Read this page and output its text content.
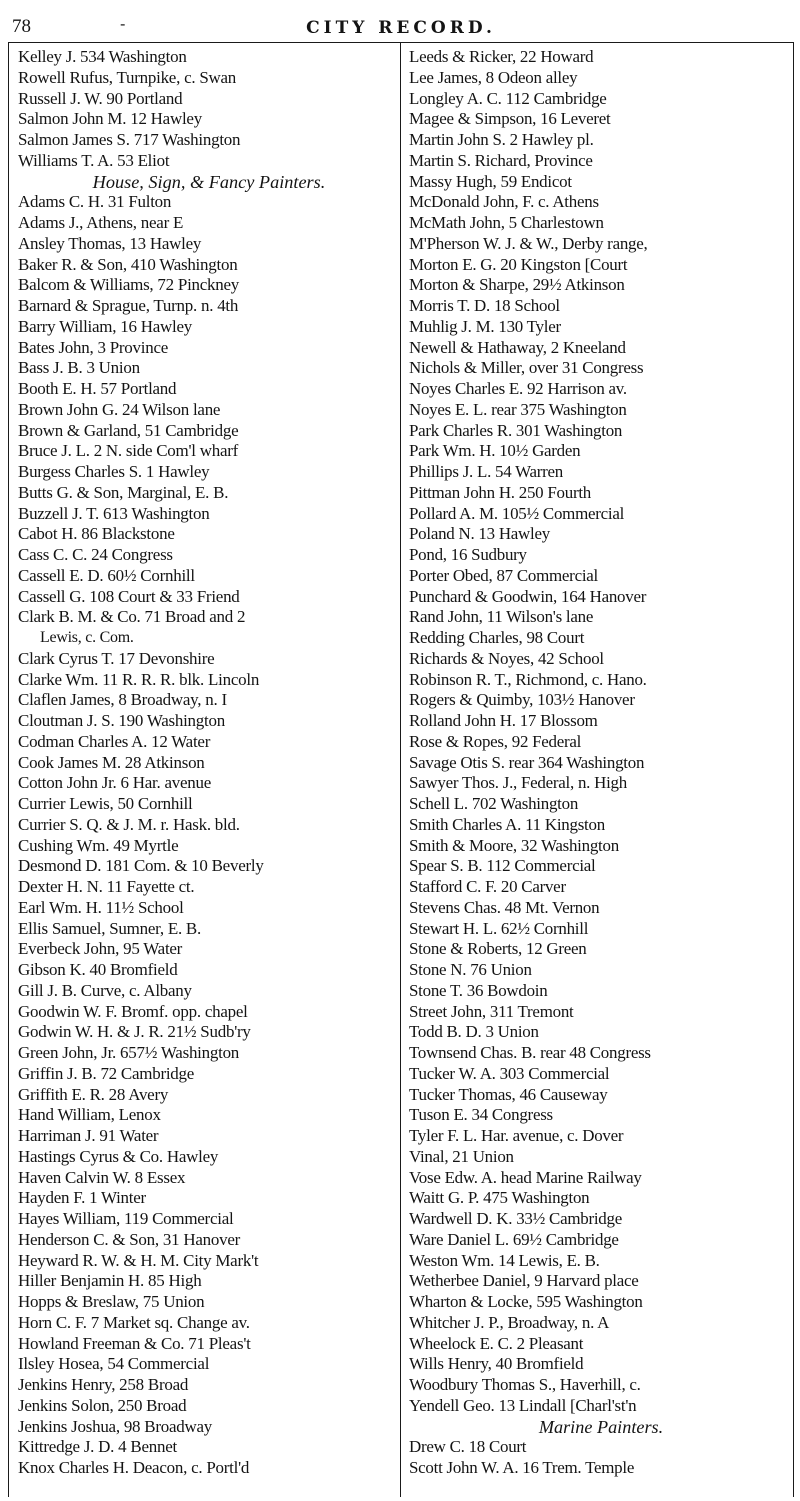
78	-	CITY RECORD.
Kelley J. 534 Washington
Rowell Rufus, Turnpike, c. Swan
Russell J. W. 90 Portland
Salmon John M. 12 Hawley
Salmon James S. 717 Washington
Williams T. A. 53 Eliot
House, Sign, & Fancy Painters.
Adams C. H. 31 Fulton
Adams J., Athens, near E
Ansley Thomas, 13 Hawley
Baker R. & Son, 410 Washington
Balcom & Williams, 72 Pinckney
Barnard & Sprague, Turnp. n. 4th
Barry William, 16 Hawley
Bates John, 3 Province
Bass J. B. 3 Union
Booth E. H. 57 Portland
Brown John G. 24 Wilson lane
Brown & Garland, 51 Cambridge
Bruce J. L. 2 N. side Com'l wharf
Burgess Charles S. 1 Hawley
Butts G. & Son, Marginal, E. B.
Buzzell J. T. 613 Washington
Cabot H. 86 Blackstone
Cass C. C. 24 Congress
Cassell E. D. 60½ Cornhill
Cassell G. 108 Court & 33 Friend
Clark B. M. & Co. 71 Broad and 2
Lewis, c. Com.
Clark Cyrus T. 17 Devonshire
Clarke Wm. 11 R. R. R. blk. Lincoln
Claflen James, 8 Broadway, n. I
Cloutman J. S. 190 Washington
Codman Charles A. 12 Water
Cook James M. 28 Atkinson
Cotton John Jr. 6 Har. avenue
Currier Lewis, 50 Cornhill
Currier S. Q. & J. M. r. Hask. bld.
Cushing Wm. 49 Myrtle
Desmond D. 181 Com. & 10 Beverly
Dexter H. N. 11 Fayette ct.
Earl Wm. H. 11½ School
Ellis Samuel, Sumner, E. B.
Everbeck John, 95 Water
Gibson K. 40 Bromfield
Gill J. B. Curve, c. Albany
Goodwin W. F. Bromf. opp. chapel
Godwin W. H. & J. R. 21½ Sudb'ry
Green John, Jr. 657½ Washington
Griffin J. B. 72 Cambridge
Griffith E. R. 28 Avery
Hand William, Lenox
Harriman J. 91 Water
Hastings Cyrus & Co. Hawley
Haven Calvin W. 8 Essex
Hayden F. 1 Winter
Hayes William, 119 Commercial
Henderson C. & Son, 31 Hanover
Heyward R. W. & H. M. City Mark't
Hiller Benjamin H. 85 High
Hopps & Breslaw, 75 Union
Horn C. F. 7 Market sq. Change av.
Howland Freeman & Co. 71 Pleas't
Ilsley Hosea, 54 Commercial
Jenkins Henry, 258 Broad
Jenkins Solon, 250 Broad
Jenkins Joshua, 98 Broadway
Kittredge J. D. 4 Bennet
Knox Charles H. Deacon, c. Portl'd
Leeds & Ricker, 22 Howard
Lee James, 8 Odeon alley
Longley A. C. 112 Cambridge
Magee & Simpson, 16 Leveret
Martin John S. 2 Hawley pl.
Martin S. Richard, Province
Massy Hugh, 59 Endicot
McDonald John, F. c. Athens
McMath John, 5 Charlestown
M'Pherson W. J. & W., Derby range,
Morton E. G. 20 Kingston [Court
Morton & Sharpe, 29½ Atkinson
Morris T. D. 18 School
Muhlig J. M. 130 Tyler
Newell & Hathaway, 2 Kneeland
Nichols & Miller, over 31 Congress
Noyes Charles E. 92 Harrison av.
Noyes E. L. rear 375 Washington
Park Charles R. 301 Washington
Park Wm. H. 10½ Garden
Phillips J. L. 54 Warren
Pittman John H. 250 Fourth
Pollard A. M. 105½ Commercial
Poland N. 13 Hawley
Pond, 16 Sudbury
Porter Obed, 87 Commercial
Punchard & Goodwin, 164 Hanover
Rand John, 11 Wilson's lane
Redding Charles, 98 Court
Richards & Noyes, 42 School
Robinson R. T., Richmond, c. Hano.
Rogers & Quimby, 103½ Hanover
Rolland John H. 17 Blossom
Rose & Ropes, 92 Federal
Savage Otis S. rear 364 Washington
Sawyer Thos. J., Federal, n. High
Schell L. 702 Washington
Smith Charles A. 11 Kingston
Smith & Moore, 32 Washington
Spear S. B. 112 Commercial
Stafford C. F. 20 Carver
Stevens Chas. 48 Mt. Vernon
Stewart H. L. 62½ Cornhill
Stone & Roberts, 12 Green
Stone N. 76 Union
Stone T. 36 Bowdoin
Street John, 311 Tremont
Todd B. D. 3 Union
Townsend Chas. B. rear 48 Congress
Tucker W. A. 303 Commercial
Tucker Thomas, 46 Causeway
Tuson E. 34 Congress
Tyler F. L. Har. avenue, c. Dover
Vinal, 21 Union
Vose Edw. A. head Marine Railway
Waitt G. P. 475 Washington
Wardwell D. K. 33½ Cambridge
Ware Daniel L. 69½ Cambridge
Weston Wm. 14 Lewis, E. B.
Wetherbee Daniel, 9 Harvard place
Wharton & Locke, 595 Washington
Whitcher J. P., Broadway, n. A
Wheelock E. C. 2 Pleasant
Wills Henry, 40 Bromfield
Woodbury Thomas S., Haverhill, c.
Yendell Geo. 13 Lindall [Charl'st'n
Marine Painters.
Drew C. 18 Court
Scott John W. A. 16 Trem. Temple
